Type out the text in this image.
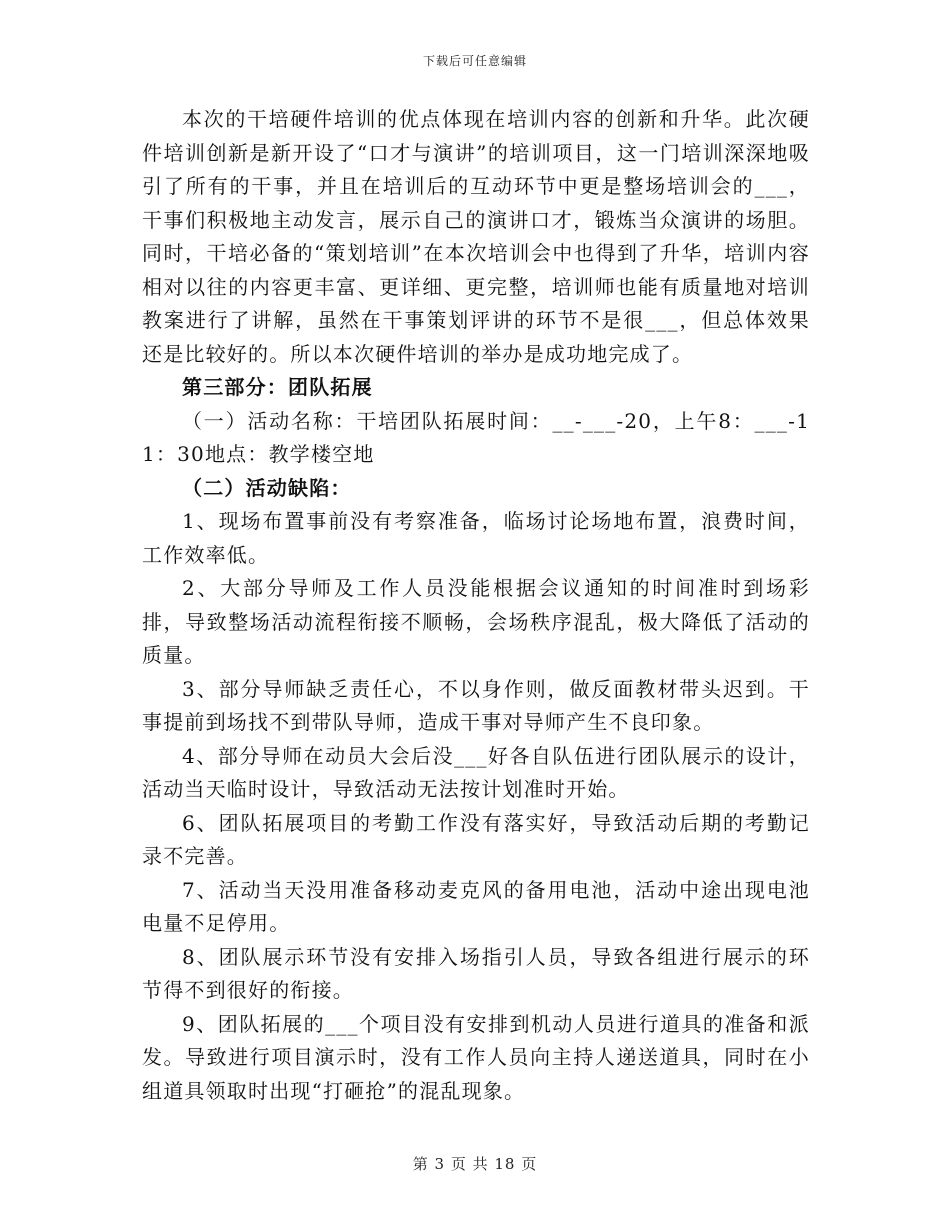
下载后可任意编辑

本次的干培硬件培训的优点体现在培训内容的创新和升华。此次硬件培训创新是新开设了“口才与演讲”的培训项目，这一门培训深深地吸引了所有的干事，并且在培训后的互动环节中更是整场培训会的___，干事们积极地主动发言，展示自己的演讲口才，锻炼当众演讲的场胆。同时，干培必备的“策划培训”在本次培训会中也得到了升华，培训内容相对以往的内容更丰富、更详细、更完整，培训师也能有质量地对培训教案进行了讲解，虽然在干事策划评讲的环节不是很___，但总体效果还是比较好的。所以本次硬件培训的举办是成功地完成了。

第三部分：团队拓展

（一）活动名称：干培团队拓展时间：__-___-20，上午8：___-11：30地点：教学楼空地

（二）活动缺陷：

1、现场布置事前没有考察准备，临场讨论场地布置，浪费时间，工作效率低。

2、大部分导师及工作人员没能根据会议通知的时间准时到场彩排，导致整场活动流程衔接不顺畅，会场秩序混乱，极大降低了活动的质量。

3、部分导师缺乏责任心，不以身作则，做反面教材带头迟到。干事提前到场找不到带队导师，造成干事对导师产生不良印象。

4、部分导师在动员大会后没___好各自队伍进行团队展示的设计，活动当天临时设计，导致活动无法按计划准时开始。

6、团队拓展项目的考勤工作没有落实好，导致活动后期的考勤记录不完善。

7、活动当天没用准备移动麦克风的备用电池，活动中途出现电池电量不足停用。

8、团队展示环节没有安排入场指引人员，导致各组进行展示的环节得不到很好的衔接。

9、团队拓展的___个项目没有安排到机动人员进行道具的准备和派发。导致进行项目演示时，没有工作人员向主持人递送道具，同时在小组道具领取时出现“打砸抢”的混乱现象。

第 3 页 共 18 页
